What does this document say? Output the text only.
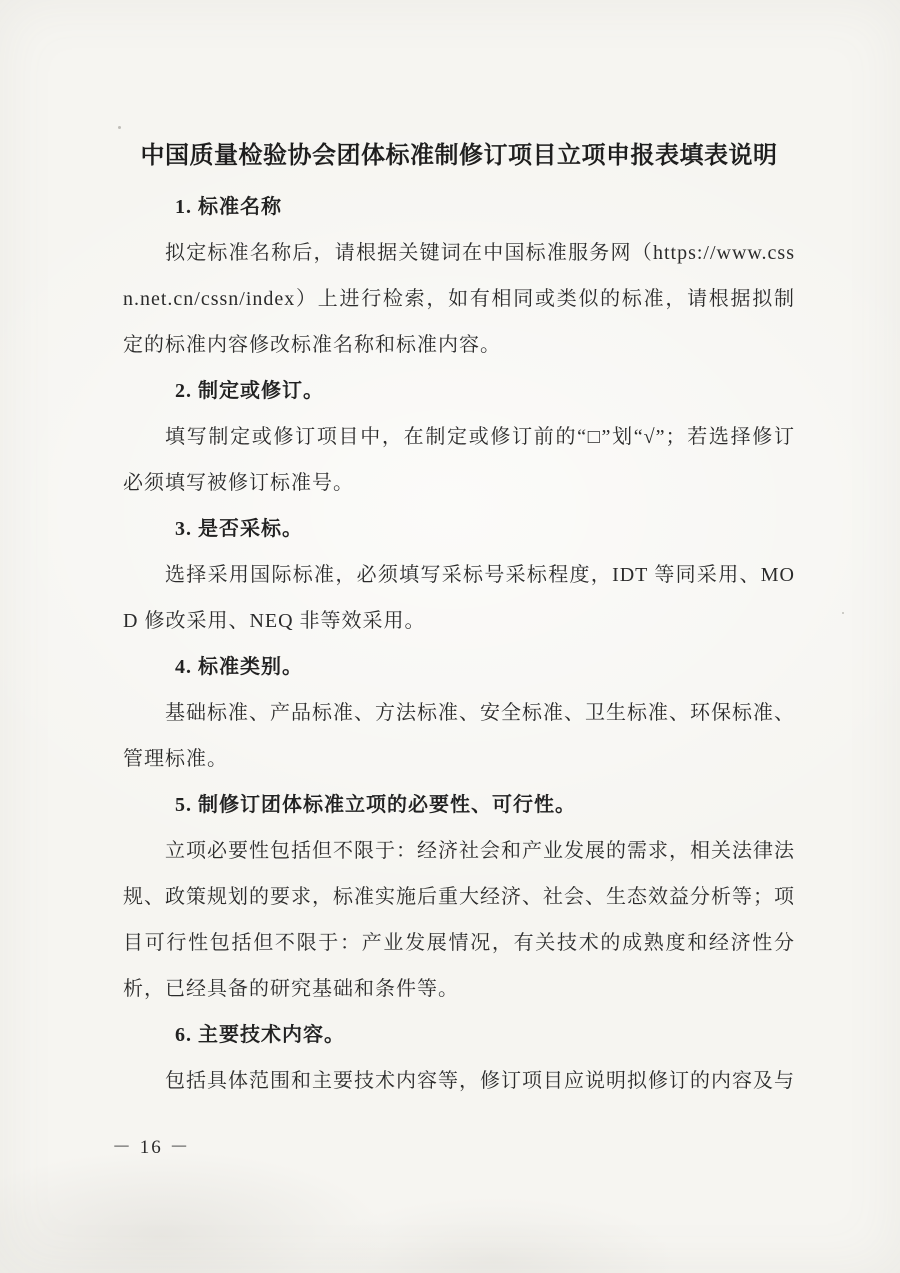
中国质量检验协会团体标准制修订项目立项申报表填表说明
1. 标准名称

拟定标准名称后，请根据关键词在中国标准服务网（https://www.cssn.net.cn/cssn/index）上进行检索，如有相同或类似的标准，请根据拟制定的标准内容修改标准名称和标准内容。

2. 制定或修订。

填写制定或修订项目中，在制定或修订前的“□”划“√”；若选择修订必须填写被修订标准号。

3. 是否采标。

选择采用国际标准，必须填写采标号采标程度，IDT 等同采用、MOD 修改采用、NEQ 非等效采用。

4. 标准类别。

基础标准、产品标准、方法标准、安全标准、卫生标准、环保标准、管理标准。

5. 制修订团体标准立项的必要性、可行性。

立项必要性包括但不限于：经济社会和产业发展的需求，相关法律法规、政策规划的要求，标准实施后重大经济、社会、生态效益分析等；项目可行性包括但不限于：产业发展情况，有关技术的成熟度和经济性分析，已经具备的研究基础和条件等。

6. 主要技术内容。

包括具体范围和主要技术内容等，修订项目应说明拟修订的内容及与

－ 16 －
